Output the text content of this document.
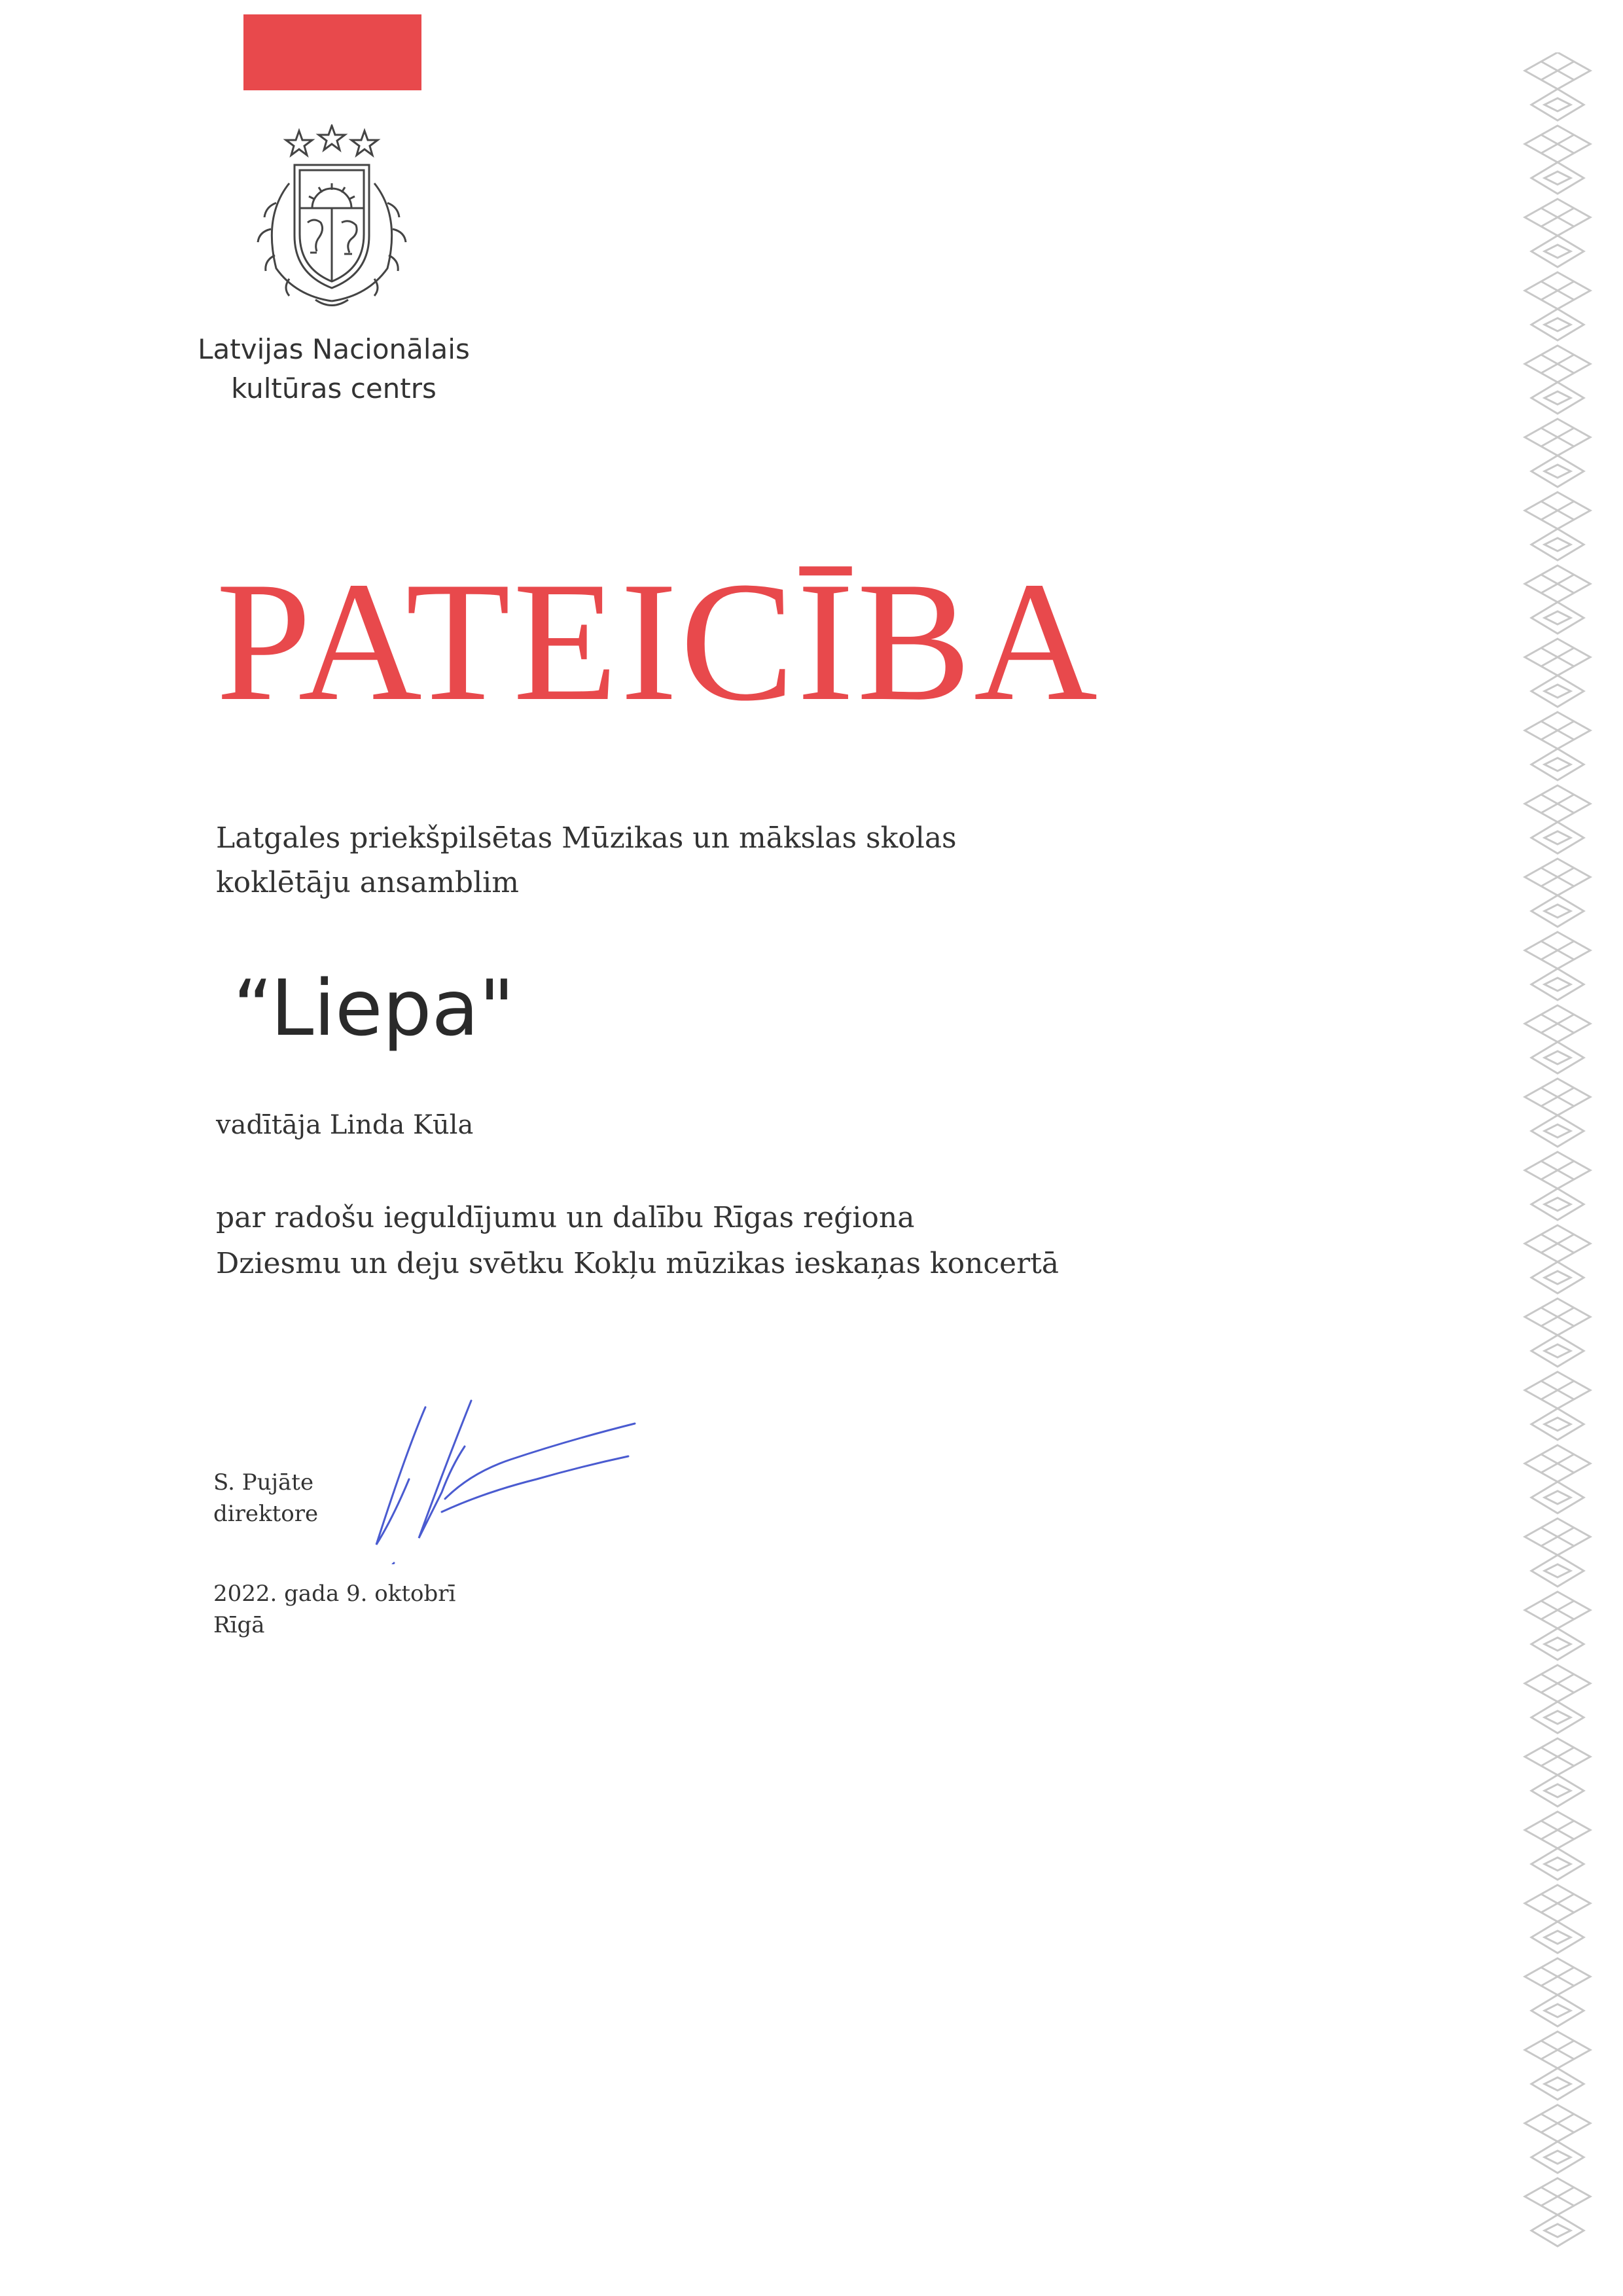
Latvijas Nacionālais
kultūras centrs
PATEICĪBA
Latgales priekšpilsētas Mūzikas un mākslas skolas
koklētāju ansamblim
“Liepa"
vadītāja Linda Kūla
par radošu ieguldījumu un dalību Rīgas reģiona
Dziesmu un deju svētku Kokļu mūzikas ieskaņas koncertā
S. Pujāte
direktore
2022. gada 9. oktobrī
Rīgā
